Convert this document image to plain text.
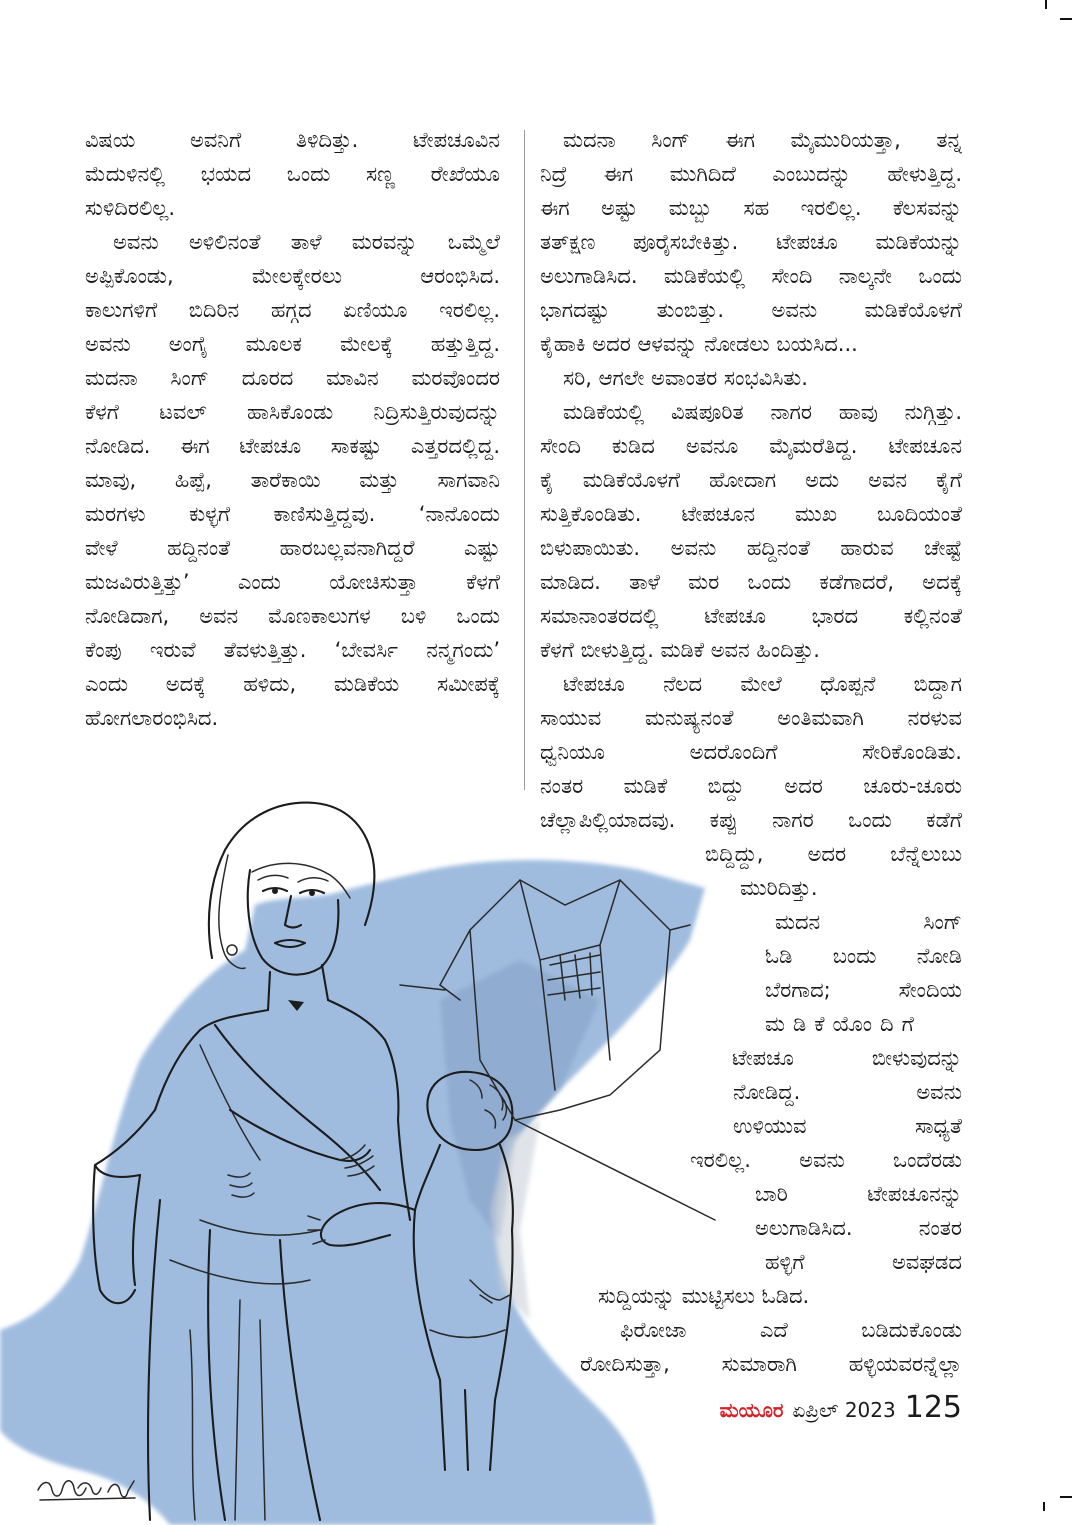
ವಿಷಯ ಅವನಿಗೆ ತಿಳಿದಿತ್ತು. ಟೇಪಚೂವಿನ
ಮೆದುಳಿನಲ್ಲಿ ಭಯದ ಒಂದು ಸಣ್ಣ ರೇಖೆಯೂ
ಸುಳಿದಿರಲಿಲ್ಲ.
ಅವನು ಅಳಿಲಿನಂತೆ ತಾಳೆ ಮರವನ್ನು ಒಮ್ಮೆಲೆ
ಅಪ್ಪಿಕೊಂಡು, ಮೇಲಕ್ಕೇರಲು ಆರಂಭಿಸಿದ.
ಕಾಲುಗಳಿಗೆ ಬಿದಿರಿನ ಹಗ್ಗದ ಏಣಿಯೂ ಇರಲಿಲ್ಲ.
ಅವನು ಅಂಗೈ ಮೂಲಕ ಮೇಲಕ್ಕೆ ಹತ್ತುತ್ತಿದ್ದ.
ಮದನಾ ಸಿಂಗ್ ದೂರದ ಮಾವಿನ ಮರವೊಂದರ
ಕೆಳಗೆ ಟವಲ್ ಹಾಸಿಕೊಂಡು ನಿದ್ರಿಸುತ್ತಿರುವುದನ್ನು
ನೋಡಿದ. ಈಗ ಟೇಪಚೂ ಸಾಕಷ್ಟು ಎತ್ತರದಲ್ಲಿದ್ದ.
ಮಾವು, ಹಿಪ್ಪೆ, ತಾರೆಕಾಯಿ ಮತ್ತು ಸಾಗವಾನಿ
ಮರಗಳು ಕುಳ್ಳಗೆ ಕಾಣಿಸುತ್ತಿದ್ದವು. ‘ನಾನೊಂದು
ವೇಳೆ ಹದ್ದಿನಂತೆ ಹಾರಬಲ್ಲವನಾಗಿದ್ದರೆ ಎಷ್ಟು
ಮಜವಿರುತ್ತಿತ್ತು’ ಎಂದು ಯೋಚಿಸುತ್ತಾ ಕೆಳಗೆ
ನೋಡಿದಾಗ, ಅವನ ಮೊಣಕಾಲುಗಳ ಬಳಿ ಒಂದು
ಕೆಂಪು ಇರುವೆ ತೆವಳುತ್ತಿತ್ತು. ‘ಬೇವರ್ಸಿ ನನ್ಮಗಂದು’
ಎಂದು ಅದಕ್ಕೆ ಹಳಿದು, ಮಡಿಕೆಯ ಸಮೀಪಕ್ಕೆ
ಹೋಗಲಾರಂಭಿಸಿದ.
ಮದನಾ ಸಿಂಗ್ ಈಗ ಮೈಮುರಿಯತ್ತಾ, ತನ್ನ
ನಿದ್ರೆ ಈಗ ಮುಗಿದಿದೆ ಎಂಬುದನ್ನು ಹೇಳುತ್ತಿದ್ದ.
ಈಗ ಅಷ್ಟು ಮಬ್ಬು ಸಹ ಇರಲಿಲ್ಲ. ಕೆಲಸವನ್ನು
ತತ್‌ಕ್ಷಣ ಪೂರೈಸಬೇಕಿತ್ತು. ಟೇಪಚೂ ಮಡಿಕೆಯನ್ನು
ಅಲುಗಾಡಿಸಿದ. ಮಡಿಕೆಯಲ್ಲಿ ಸೇಂದಿ ನಾಲ್ಕನೇ ಒಂದು
ಭಾಗದಷ್ಟು ತುಂಬಿತ್ತು. ಅವನು ಮಡಿಕೆಯೊಳಗೆ
ಕೈಹಾಕಿ ಅದರ ಆಳವನ್ನು ನೋಡಲು ಬಯಸಿದ...
ಸರಿ, ಆಗಲೇ ಅವಾಂತರ ಸಂಭವಿಸಿತು.
ಮಡಿಕೆಯಲ್ಲಿ ವಿಷಪೂರಿತ ನಾಗರ ಹಾವು ನುಗ್ಗಿತ್ತು.
ಸೇಂದಿ ಕುಡಿದ ಅವನೂ ಮೈಮರೆತಿದ್ದ. ಟೇಪಚೂನ
ಕೈ ಮಡಿಕೆಯೊಳಗೆ ಹೋದಾಗ ಅದು ಅವನ ಕೈಗೆ
ಸುತ್ತಿಕೊಂಡಿತು. ಟೇಪಚೂನ ಮುಖ ಬೂದಿಯಂತೆ
ಬಿಳುಪಾಯಿತು. ಅವನು ಹದ್ದಿನಂತೆ ಹಾರುವ ಚೇಷ್ಟೆ
ಮಾಡಿದ. ತಾಳೆ ಮರ ಒಂದು ಕಡೆಗಾದರೆ, ಅದಕ್ಕೆ
ಸಮಾನಾಂತರದಲ್ಲಿ ಟೇಪಚೂ ಭಾರದ ಕಲ್ಲಿನಂತೆ
ಕೆಳಗೆ ಬೀಳುತ್ತಿದ್ದ. ಮಡಿಕೆ ಅವನ ಹಿಂದಿತ್ತು.
ಟೇಪಚೂ ನೆಲದ ಮೇಲೆ ಧೊಪ್ಪನೆ ಬಿದ್ದಾಗ
ಸಾಯುವ ಮನುಷ್ಯನಂತೆ ಅಂತಿಮವಾಗಿ ನರಳುವ
ಧ್ವನಿಯೂ ಅದರೊಂದಿಗೆ ಸೇರಿಕೊಂಡಿತು.
ನಂತರ ಮಡಿಕೆ ಬಿದ್ದು ಅದರ ಚೂರು-ಚೂರು
ಚೆಲ್ಲಾಪಿಲ್ಲಿಯಾದವು. ಕಪ್ಪು ನಾಗರ ಒಂದು ಕಡೆಗೆ
ಬಿದ್ದಿದ್ದು, ಅದರ ಬೆನ್ನೆಲುಬು
ಮುರಿದಿತ್ತು.
ಮದನ ಸಿಂಗ್
ಓಡಿ ಬಂದು ನೋಡಿ
ಬೆರಗಾದ; ಸೇಂದಿಯ
ಮಡಿಕೆಯೊಂದಿಗೆ
ಟೇಪಚೂ ಬೀಳುವುದನ್ನು
ನೋಡಿದ್ದ. ಅವನು
ಉಳಿಯುವ ಸಾಧ್ಯತೆ
ಇರಲಿಲ್ಲ. ಅವನು ಒಂದೆರಡು
ಬಾರಿ ಟೇಪಚೂನನ್ನು
ಅಲುಗಾಡಿಸಿದ. ನಂತರ
ಹಳ್ಳಿಗೆ ಅವಘಡದ
ಸುದ್ದಿಯನ್ನು ಮುಟ್ಟಿಸಲು ಓಡಿದ.
ಫಿರೋಜಾ ಎದೆ ಬಡಿದುಕೊಂಡು
ರೋದಿಸುತ್ತಾ, ಸುಮಾರಾಗಿ ಹಳ್ಳಿಯವರನ್ನೆಲ್ಲಾ
ಮಯೂರ ಏಪ್ರಿಲ್ 2023 125
